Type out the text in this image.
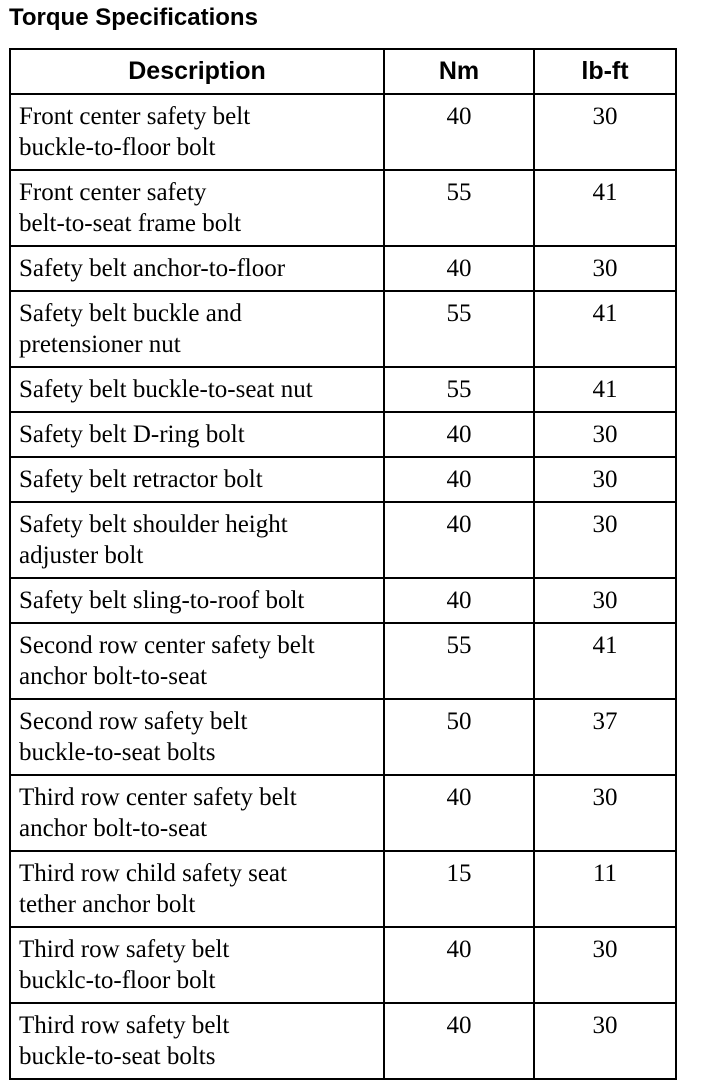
Torque Specifications
Description	Nm	lb-ft
Front center safety belt
buckle-to-floor bolt	40	30
Front center safety
belt-to-seat frame bolt	55	41
Safety belt anchor-to-floor	40	30
Safety belt buckle and
pretensioner nut	55	41
Safety belt buckle-to-seat nut	55	41
Safety belt D-ring bolt	40	30
Safety belt retractor bolt	40	30
Safety belt shoulder height
adjuster bolt	40	30
Safety belt sling-to-roof bolt	40	30
Second row center safety belt
anchor bolt-to-seat	55	41
Second row safety belt
buckle-to-seat bolts	50	37
Third row center safety belt
anchor bolt-to-seat	40	30
Third row child safety seat
tether anchor bolt	15	11
Third row safety belt
bucklc-to-floor bolt	40	30
Third row safety belt
buckle-to-seat bolts	40	30
